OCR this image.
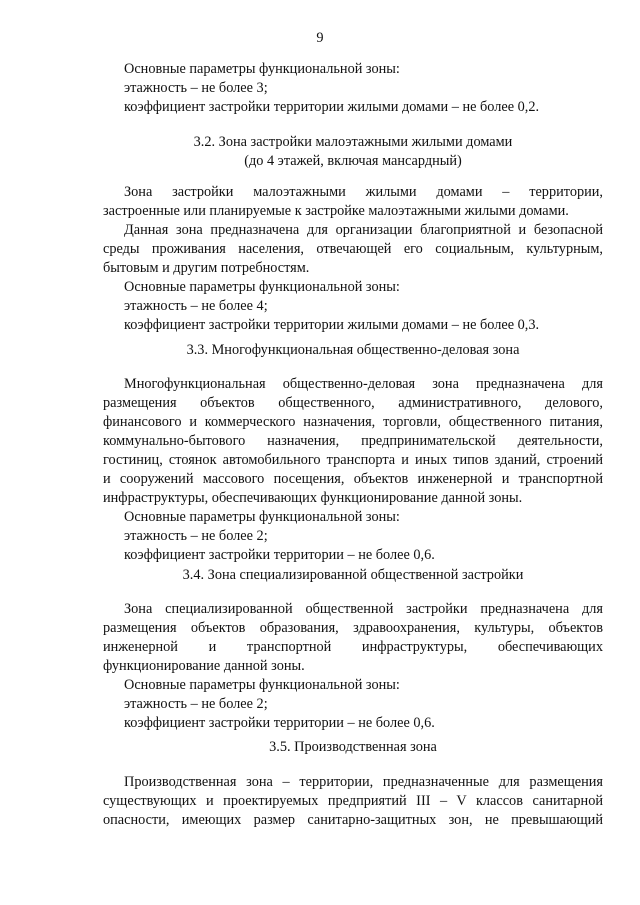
9
Основные параметры функциональной зоны:
этажность – не более 3;
коэффициент застройки территории жилыми домами – не более 0,2.
3.2. Зона застройки малоэтажными жилыми домами
(до 4 этажей, включая мансардный)
Зона застройки малоэтажными жилыми домами – территории,
застроенные или планируемые к застройке малоэтажными жилыми домами.
Данная зона предназначена для организации благоприятной и безопасной
среды проживания населения, отвечающей его социальным, культурным,
бытовым и другим потребностям.
Основные параметры функциональной зоны:
этажность – не более 4;
коэффициент застройки территории жилыми домами – не более 0,3.
3.3. Многофункциональная общественно-деловая зона
Многофункциональная общественно-деловая зона предназначена для
размещения объектов общественного, административного, делового,
финансового и коммерческого назначения, торговли, общественного питания,
коммунально-бытового назначения, предпринимательской деятельности,
гостиниц, стоянок автомобильного транспорта и иных типов зданий, строений
и сооружений массового посещения, объектов инженерной и транспортной
инфраструктуры, обеспечивающих функционирование данной зоны.
Основные параметры функциональной зоны:
этажность – не более 2;
коэффициент застройки территории – не более 0,6.
3.4. Зона специализированной общественной застройки
Зона специализированной общественной застройки предназначена для
размещения объектов образования, здравоохранения, культуры, объектов
инженерной и транспортной инфраструктуры, обеспечивающих
функционирование данной зоны.
Основные параметры функциональной зоны:
этажность – не более 2;
коэффициент застройки территории – не более 0,6.
3.5. Производственная зона
Производственная зона – территории, предназначенные для размещения
существующих и проектируемых предприятий III – V классов санитарной
опасности, имеющих размер санитарно-защитных зон, не превышающий
